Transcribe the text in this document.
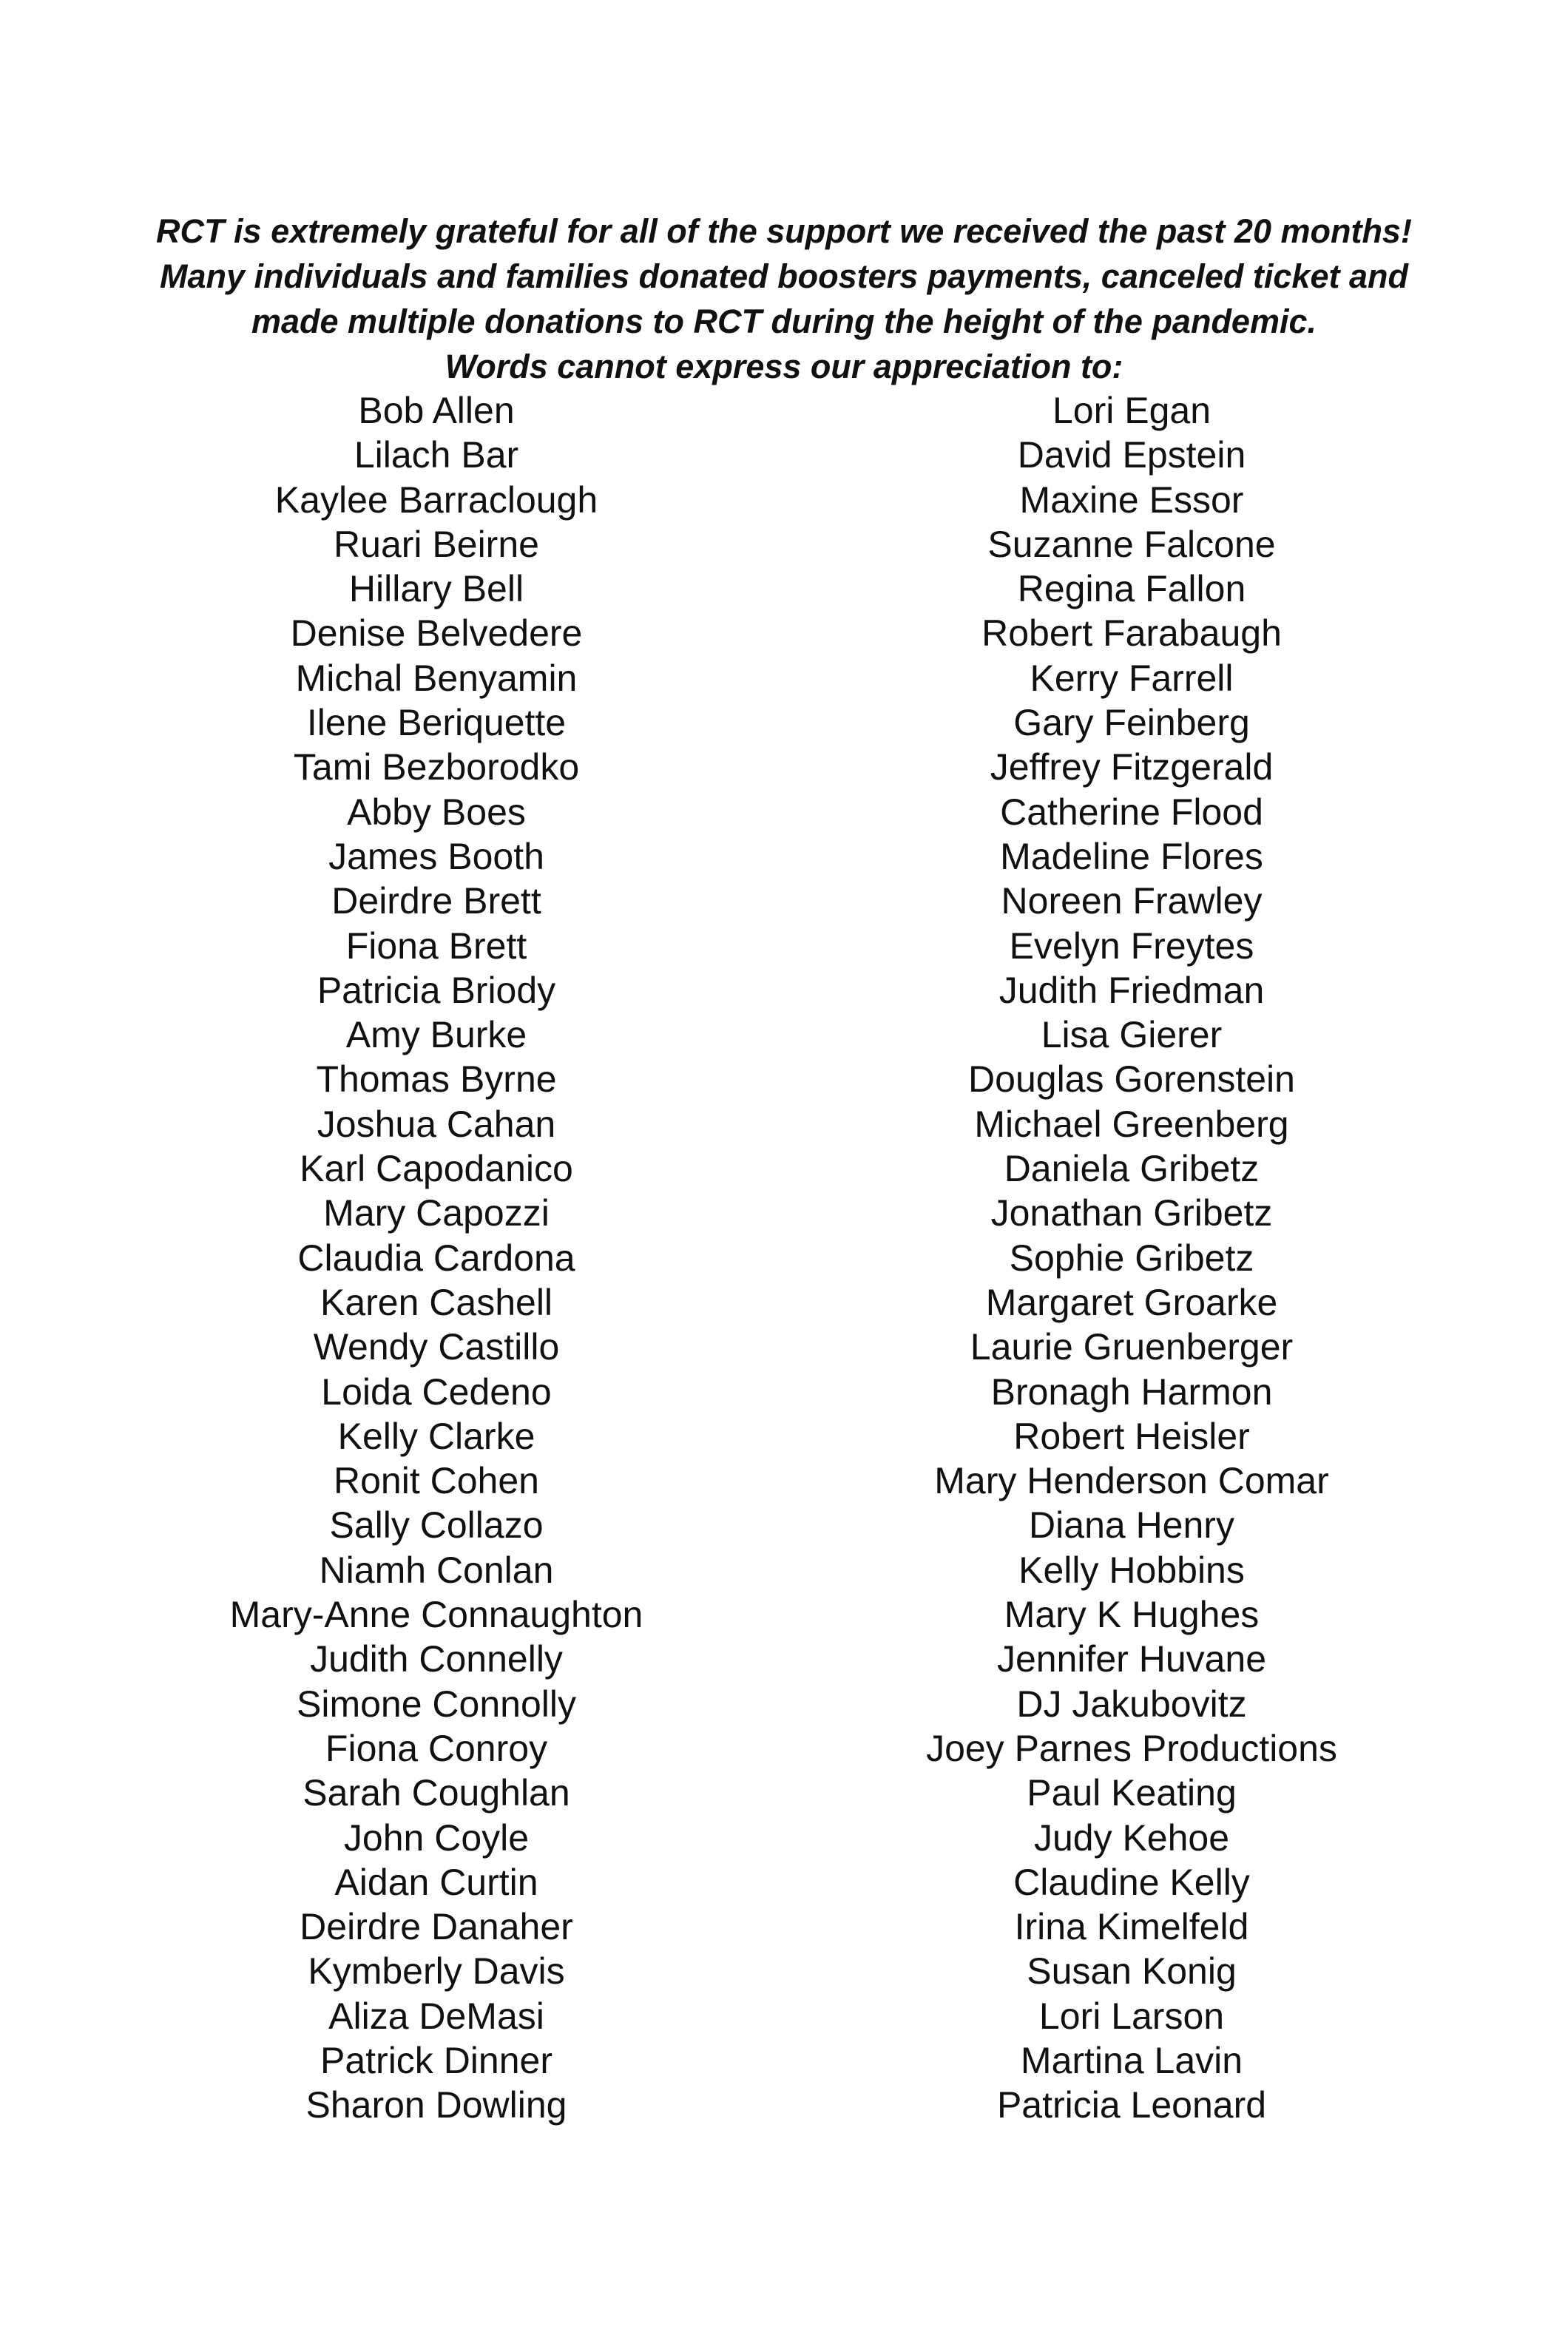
RCT is extremely grateful for all of the support we received the past 20 months!
Many individuals and families donated boosters payments, canceled ticket and
made multiple donations to RCT during the height of the pandemic.
Words cannot express our appreciation to:
Bob Allen
Lilach Bar
Kaylee Barraclough
Ruari Beirne
Hillary Bell
Denise Belvedere
Michal Benyamin
Ilene Beriquette
Tami Bezborodko
Abby Boes
James Booth
Deirdre Brett
Fiona Brett
Patricia Briody
Amy Burke
Thomas Byrne
Joshua Cahan
Karl Capodanico
Mary Capozzi
Claudia Cardona
Karen Cashell
Wendy Castillo
Loida Cedeno
Kelly Clarke
Ronit Cohen
Sally Collazo
Niamh Conlan
Mary-Anne Connaughton
Judith Connelly
Simone Connolly
Fiona Conroy
Sarah Coughlan
John Coyle
Aidan Curtin
Deirdre Danaher
Kymberly Davis
Aliza DeMasi
Patrick Dinner
Sharon Dowling
Lori Egan
David Epstein
Maxine Essor
Suzanne Falcone
Regina Fallon
Robert Farabaugh
Kerry Farrell
Gary Feinberg
Jeffrey Fitzgerald
Catherine Flood
Madeline Flores
Noreen Frawley
Evelyn Freytes
Judith Friedman
Lisa Gierer
Douglas Gorenstein
Michael Greenberg
Daniela Gribetz
Jonathan Gribetz
Sophie Gribetz
Margaret Groarke
Laurie Gruenberger
Bronagh Harmon
Robert Heisler
Mary Henderson Comar
Diana Henry
Kelly Hobbins
Mary K Hughes
Jennifer Huvane
DJ Jakubovitz
Joey Parnes Productions
Paul Keating
Judy Kehoe
Claudine Kelly
Irina Kimelfeld
Susan Konig
Lori Larson
Martina Lavin
Patricia Leonard
